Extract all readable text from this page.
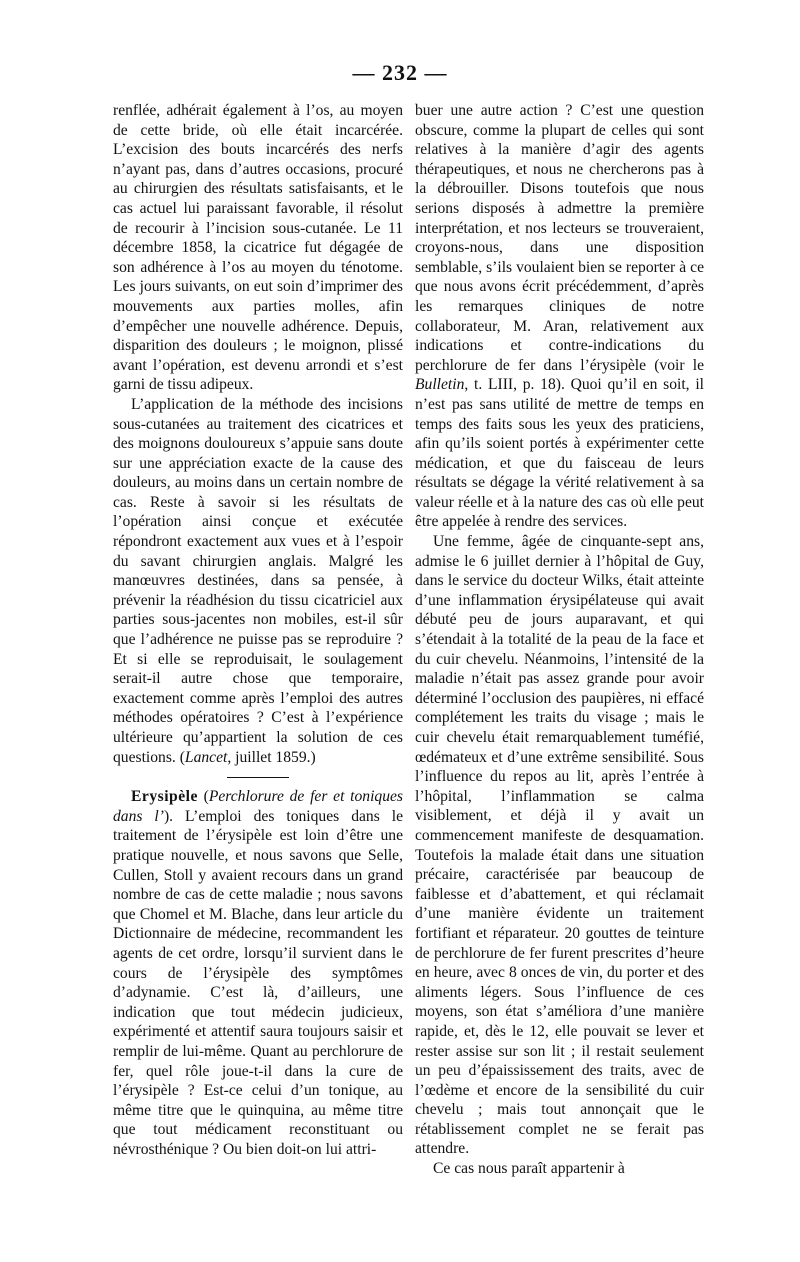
— 232 —

renflée, adhérait également à l’os, au moyen de cette bride, où elle était incarcérée. L’excision des bouts incarcérés des nerfs n’ayant pas, dans d’autres occasions, procuré au chirurgien des résultats satisfaisants, et le cas actuel lui paraissant favorable, il résolut de recourir à l’incision sous-cutanée. Le 11 décembre 1858, la cicatrice fut dégagée de son adhérence à l’os au moyen du ténotome. Les jours suivants, on eut soin d’imprimer des mouvements aux parties molles, afin d’empêcher une nouvelle adhérence. Depuis, disparition des douleurs ; le moignon, plissé avant l’opération, est devenu arrondi et s’est garni de tissu adipeux.

L’application de la méthode des incisions sous-cutanées au traitement des cicatrices et des moignons douloureux s’appuie sans doute sur une appréciation exacte de la cause des douleurs, au moins dans un certain nombre de cas. Reste à savoir si les résultats de l’opération ainsi conçue et exécutée répondront exactement aux vues et à l’espoir du savant chirurgien anglais. Malgré les manœuvres destinées, dans sa pensée, à prévenir la réadhésion du tissu cicatriciel aux parties sous-jacentes non mobiles, est-il sûr que l’adhérence ne puisse pas se reproduire ? Et si elle se reproduisait, le soulagement serait-il autre chose que temporaire, exactement comme après l’emploi des autres méthodes opératoires ? C’est à l’expérience ultérieure qu’appartient la solution de ces questions. (Lancet, juillet 1859.)

Erysipèle (Perchlorure de fer et toniques dans l’). L’emploi des toniques dans le traitement de l’érysipèle est loin d’être une pratique nouvelle, et nous savons que Selle, Cullen, Stoll y avaient recours dans un grand nombre de cas de cette maladie ; nous savons que Chomel et M. Blache, dans leur article du Dictionnaire de médecine, recommandent les agents de cet ordre, lorsqu’il survient dans le cours de l’érysipèle des symptômes d’adynamie. C’est là, d’ailleurs, une indication que tout médecin judicieux, expérimenté et attentif saura toujours saisir et remplir de lui-même. Quant au perchlorure de fer, quel rôle joue-t-il dans la cure de l’érysipèle ? Est-ce celui d’un tonique, au même titre que le quinquina, au même titre que tout médicament reconstituant ou névrosthénique ? Ou bien doit-on lui attri-

buer une autre action ? C’est une question obscure, comme la plupart de celles qui sont relatives à la manière d’agir des agents thérapeutiques, et nous ne chercherons pas à la débrouiller. Disons toutefois que nous serions disposés à admettre la première interprétation, et nos lecteurs se trouveraient, croyons-nous, dans une disposition semblable, s’ils voulaient bien se reporter à ce que nous avons écrit précédemment, d’après les remarques cliniques de notre collaborateur, M. Aran, relativement aux indications et contre-indications du perchlorure de fer dans l’érysipèle (voir le Bulletin, t. LIII, p. 18). Quoi qu’il en soit, il n’est pas sans utilité de mettre de temps en temps des faits sous les yeux des praticiens, afin qu’ils soient portés à expérimenter cette médication, et que du faisceau de leurs résultats se dégage la vérité relativement à sa valeur réelle et à la nature des cas où elle peut être appelée à rendre des services.

Une femme, âgée de cinquante-sept ans, admise le 6 juillet dernier à l’hôpital de Guy, dans le service du docteur Wilks, était atteinte d’une inflammation érysipélateuse qui avait débuté peu de jours auparavant, et qui s’étendait à la totalité de la peau de la face et du cuir chevelu. Néanmoins, l’intensité de la maladie n’était pas assez grande pour avoir déterminé l’occlusion des paupières, ni effacé complétement les traits du visage ; mais le cuir chevelu était remarquablement tuméfié, œdémateux et d’une extrême sensibilité. Sous l’influence du repos au lit, après l’entrée à l’hôpital, l’inflammation se calma visiblement, et déjà il y avait un commencement manifeste de desquamation. Toutefois la malade était dans une situation précaire, caractérisée par beaucoup de faiblesse et d’abattement, et qui réclamait d’une manière évidente un traitement fortifiant et réparateur. 20 gouttes de teinture de perchlorure de fer furent prescrites d’heure en heure, avec 8 onces de vin, du porter et des aliments légers. Sous l’influence de ces moyens, son état s’améliora d’une manière rapide, et, dès le 12, elle pouvait se lever et rester assise sur son lit ; il restait seulement un peu d’épaississement des traits, avec de l’œdème et encore de la sensibilité du cuir chevelu ; mais tout annonçait que le rétablissement complet ne se ferait pas attendre.

Ce cas nous paraît appartenir à
